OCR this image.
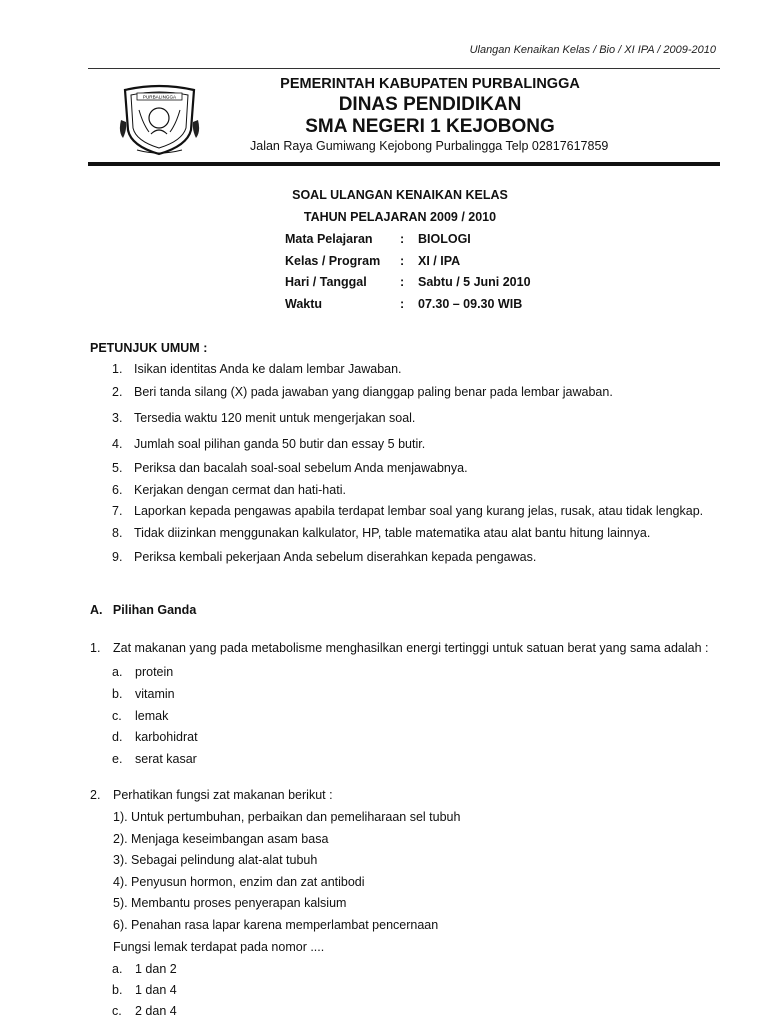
Ulangan Kenaikan Kelas / Bio / XI IPA / 2009-2010
PURBALINGGA
PEMERINTAH KABUPATEN PURBALINGGA
DINAS PENDIDIKAN
SMA NEGERI 1 KEJOBONG
Jalan Raya Gumiwang Kejobong Purbalingga Telp 02817617859
SOAL ULANGAN KENAIKAN KELAS
TAHUN PELAJARAN 2009 / 2010
Mata Pelajaran : BIOLOGI
Kelas / Program : XI / IPA
Hari / Tanggal	: Sabtu / 5 Juni 2010
Waktu	: 07.30 – 09.30 WIB
PETUNJUK UMUM :
1. Isikan identitas Anda ke dalam lembar Jawaban.
2. Beri tanda silang (X) pada jawaban yang dianggap paling benar pada lembar jawaban.
3. Tersedia waktu 120 menit untuk mengerjakan soal.
4. Jumlah soal pilihan ganda 50 butir dan essay 5 butir.
5. Periksa dan bacalah soal-soal sebelum Anda menjawabnya.
6. Kerjakan dengan cermat dan hati-hati.
7. Laporkan kepada pengawas apabila terdapat lembar soal yang kurang jelas, rusak, atau tidak lengkap.
8. Tidak diizinkan menggunakan kalkulator, HP, table matematika atau alat bantu hitung lainnya.
9. Periksa kembali pekerjaan Anda sebelum diserahkan kepada pengawas.
A.   Pilihan Ganda
1. Zat makanan yang pada metabolisme menghasilkan energi tertinggi untuk satuan berat yang sama adalah :
a. protein
b. vitamin
c. lemak
d. karbohidrat
e. serat kasar
2. Perhatikan fungsi zat makanan berikut :
1). Untuk pertumbuhan, perbaikan dan pemeliharaan sel tubuh
2). Menjaga keseimbangan asam basa
3). Sebagai pelindung alat-alat tubuh
4). Penyusun hormon, enzim dan zat antibodi
5). Membantu proses penyerapan kalsium
6). Penahan rasa lapar karena memperlambat pencernaan
Fungsi lemak terdapat pada nomor ....
a. 1 dan 2
b. 1 dan 4
c. 2 dan 4
